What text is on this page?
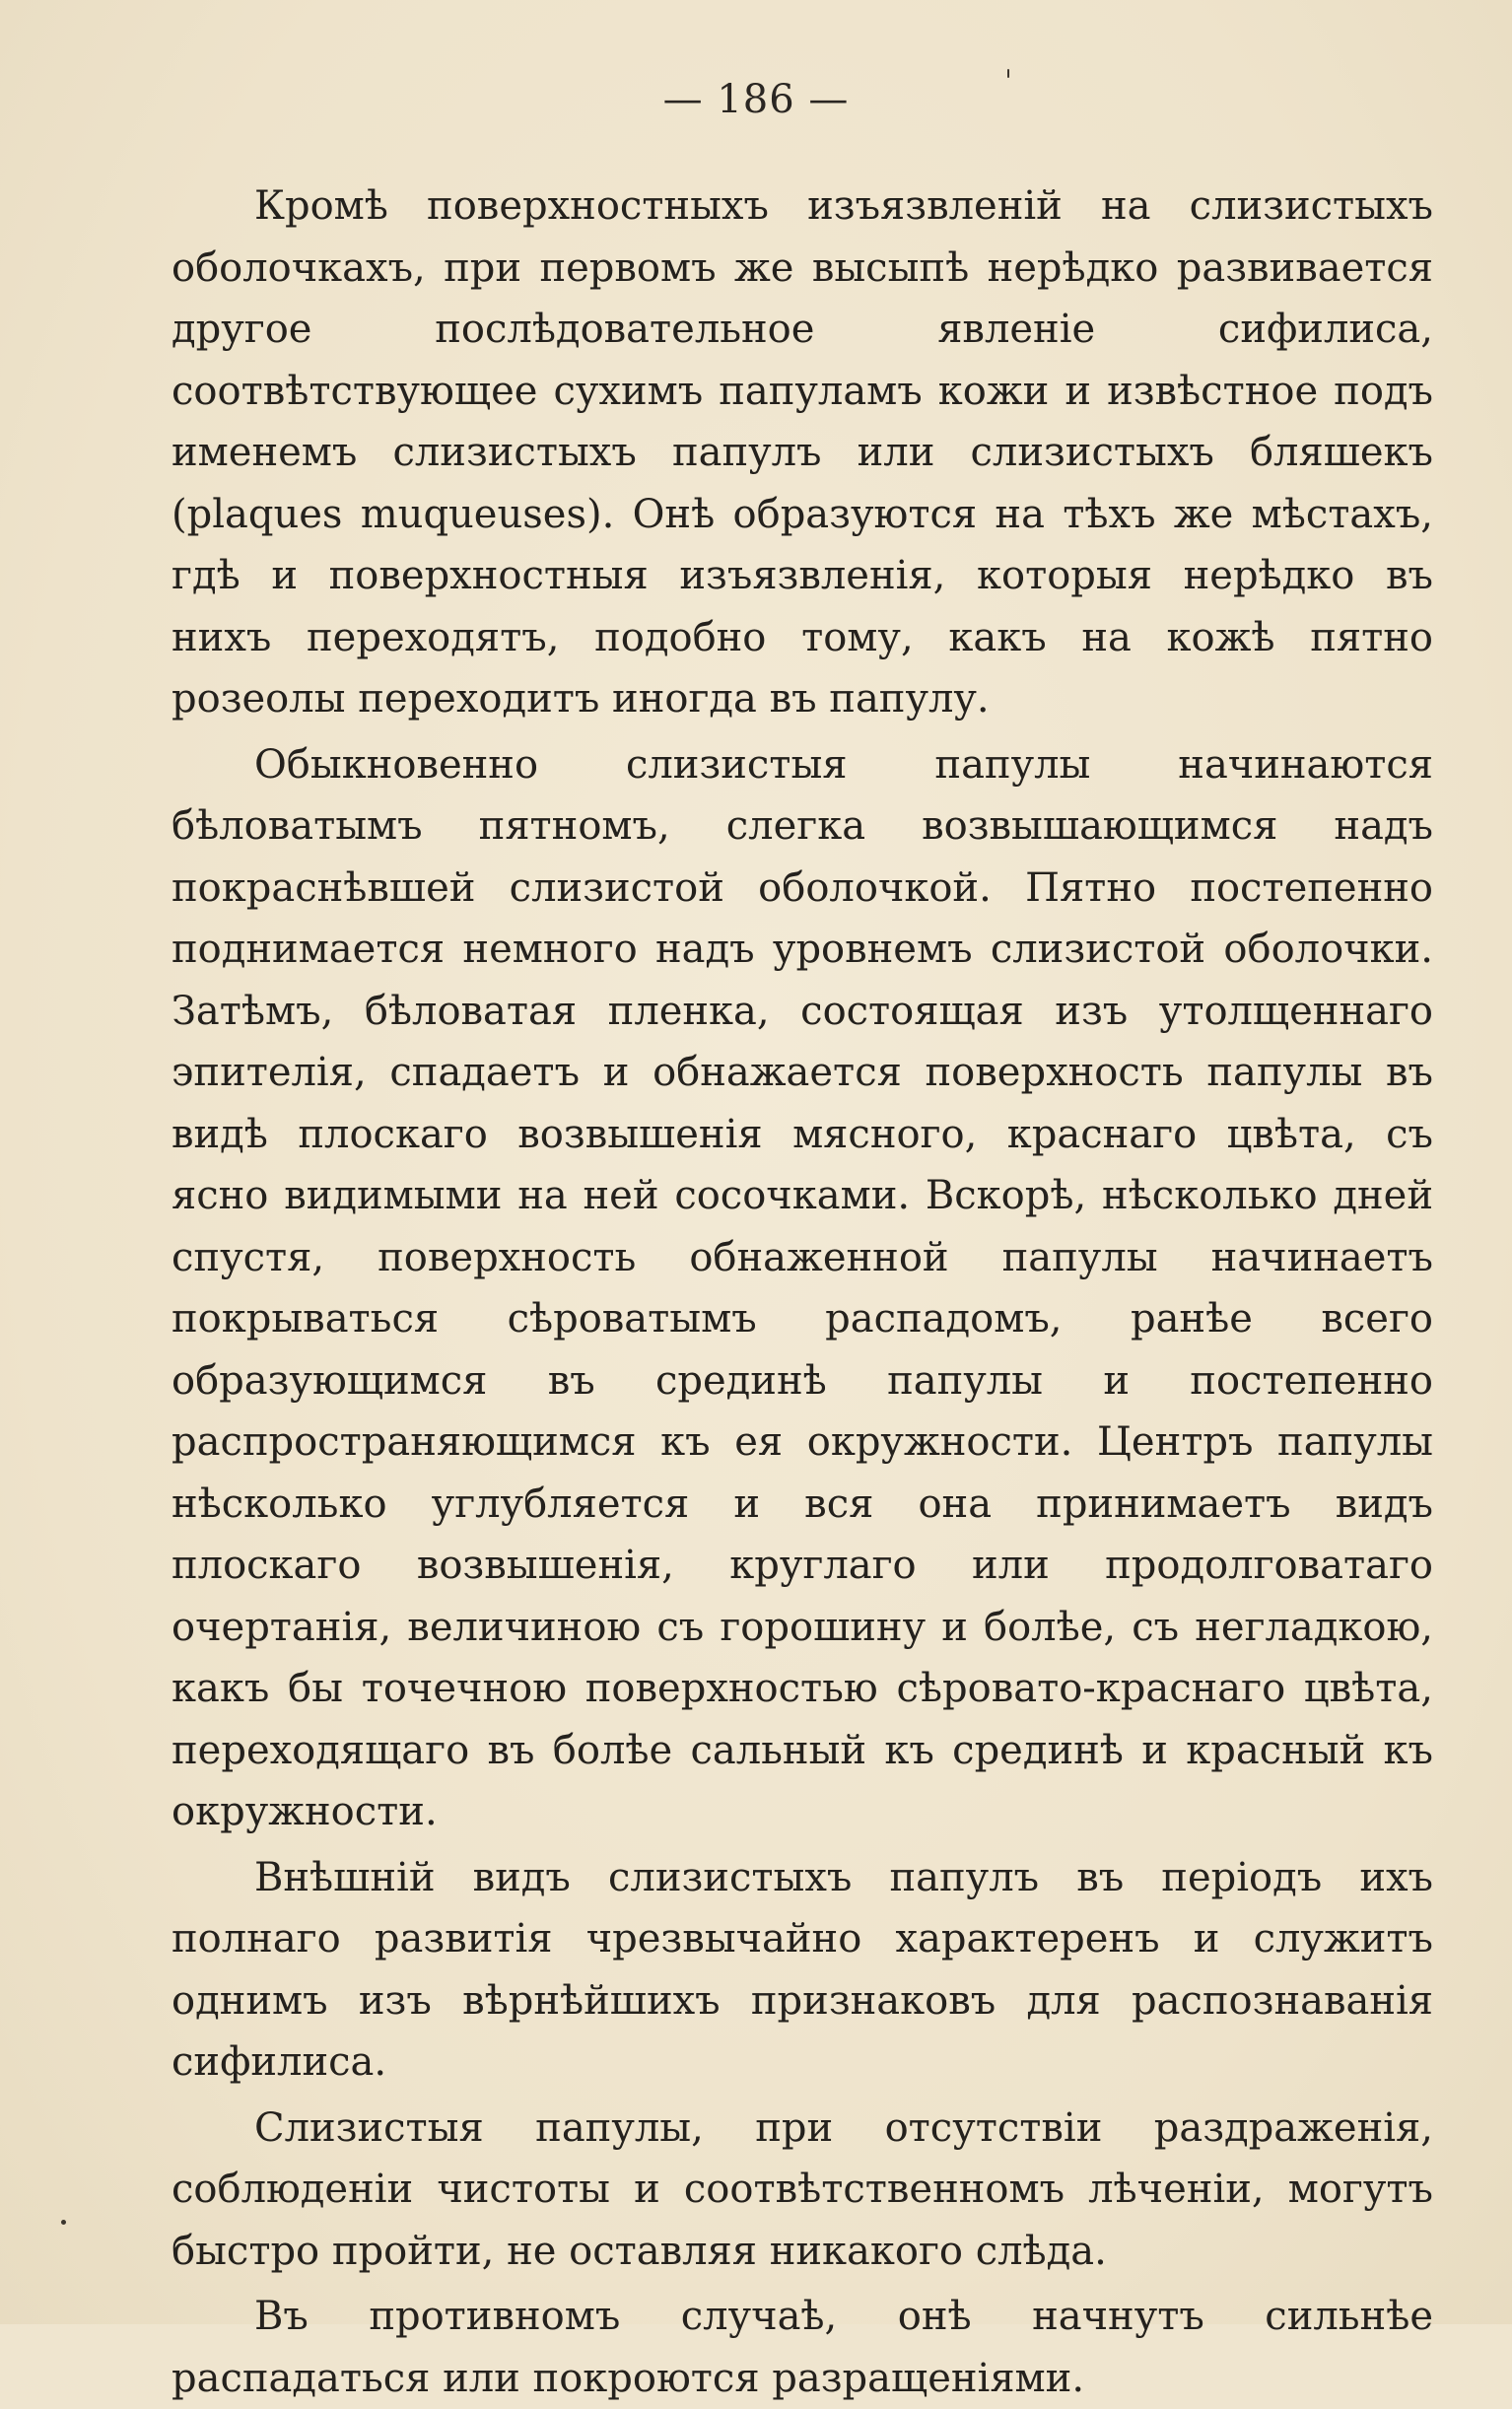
— 186 —

Кромѣ поверхностныхъ изъязвленій на слизистыхъ оболочкахъ, при первомъ же высыпѣ нерѣдко развивается другое послѣдовательное явленіе сифилиса, соотвѣтствующее сухимъ папуламъ кожи и извѣстное подъ именемъ слизистыхъ папулъ или слизистыхъ бляшекъ (plaques muqueuses). Онѣ образуются на тѣхъ же мѣстахъ, гдѣ и поверхностныя изъязвленія, которыя нерѣдко въ нихъ переходятъ, подобно тому, какъ на кожѣ пятно розеолы переходитъ иногда въ папулу.

Обыкновенно слизистыя папулы начинаются бѣловатымъ пятномъ, слегка возвышающимся надъ покраснѣвшей слизистой оболочкой. Пятно постепенно поднимается немного надъ уровнемъ слизистой оболочки. Затѣмъ, бѣловатая пленка, состоящая изъ утолщеннаго эпителія, спадаетъ и обнажается поверхность папулы въ видѣ плоскаго возвышенія мясного, краснаго цвѣта, съ ясно видимыми на ней сосочками. Вскорѣ, нѣсколько дней спустя, поверхность обнаженной папулы начинаетъ покрываться сѣроватымъ распадомъ, ранѣе всего образующимся въ срединѣ папулы и постепенно распространяющимся къ ея окружности. Центръ папулы нѣсколько углубляется и вся она принимаетъ видъ плоскаго возвышенія, круглаго или продолговатаго очертанія, величиною съ горошину и болѣе, съ негладкою, какъ бы точечною поверхностью сѣровато-краснаго цвѣта, переходящаго въ болѣе сальный къ срединѣ и красный къ окружности.

Внѣшній видъ слизистыхъ папулъ въ періодъ ихъ полнаго развитія чрезвычайно характеренъ и служитъ однимъ изъ вѣрнѣйшихъ признаковъ для распознаванія сифилиса.

Слизистыя папулы, при отсутствіи раздраженія, соблюденіи чистоты и соотвѣтственномъ лѣченіи, могутъ быстро пройти, не оставляя никакого слѣда.

Въ противномъ случаѣ, онѣ начнутъ сильнѣе распадаться или покроются разращеніями.
